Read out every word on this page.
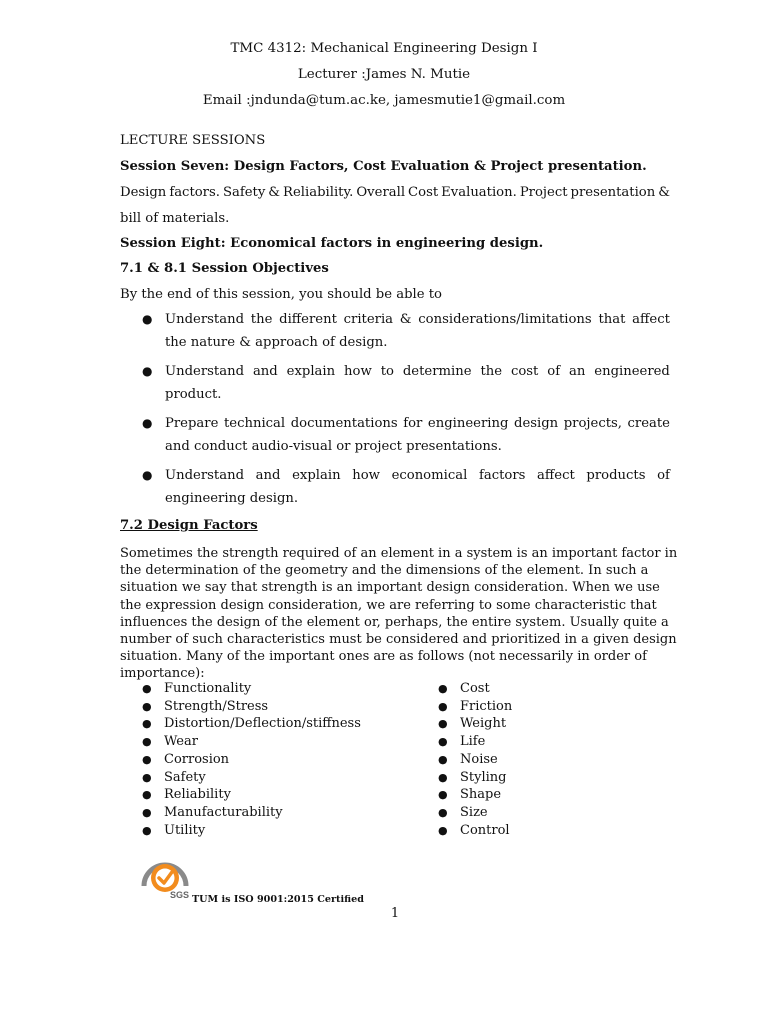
TMC 4312: Mechanical Engineering Design I
Lecturer :James N. Mutie
Email :jndunda@tum.ac.ke, jamesmutie1@gmail.com
LECTURE SESSIONS
Session Seven: Design Factors, Cost Evaluation & Project presentation.
Design factors. Safety & Reliability. Overall Cost Evaluation. Project presentation &
bill of materials.
Session Eight: Economical factors in engineering design.
7.1 & 8.1 Session Objectives
By the end of this session, you should be able to
● Understand the different criteria & considerations/limitations that affect
the nature & approach of design.
● Understand and explain how to determine the cost of an engineered
product.
● Prepare technical documentations for engineering design projects, create
and conduct audio-visual or project presentations.
● Understand and explain how economical factors affect products of
engineering design.
7.2 Design Factors
Sometimes the strength required of an element in a system is an important factor in
the determination of the geometry and the dimensions of the element. In such a
situation we say that strength is an important design consideration. When we use
the expression design consideration, we are referring to some characteristic that
influences the design of the element or, perhaps, the entire system. Usually quite a
number of such characteristics must be considered and prioritized in a given design
situation. Many of the important ones are as follows (not necessarily in order of
importance):
● Functionality
● Strength/Stress
● Distortion/Deflection/stiffness
● Wear
● Corrosion
● Safety
● Reliability
● Manufacturability
● Utility
● Cost
● Friction
● Weight
● Life
● Noise
● Styling
● Shape
● Size
● Control
SGS TUM is ISO 9001:2015 Certified
1
